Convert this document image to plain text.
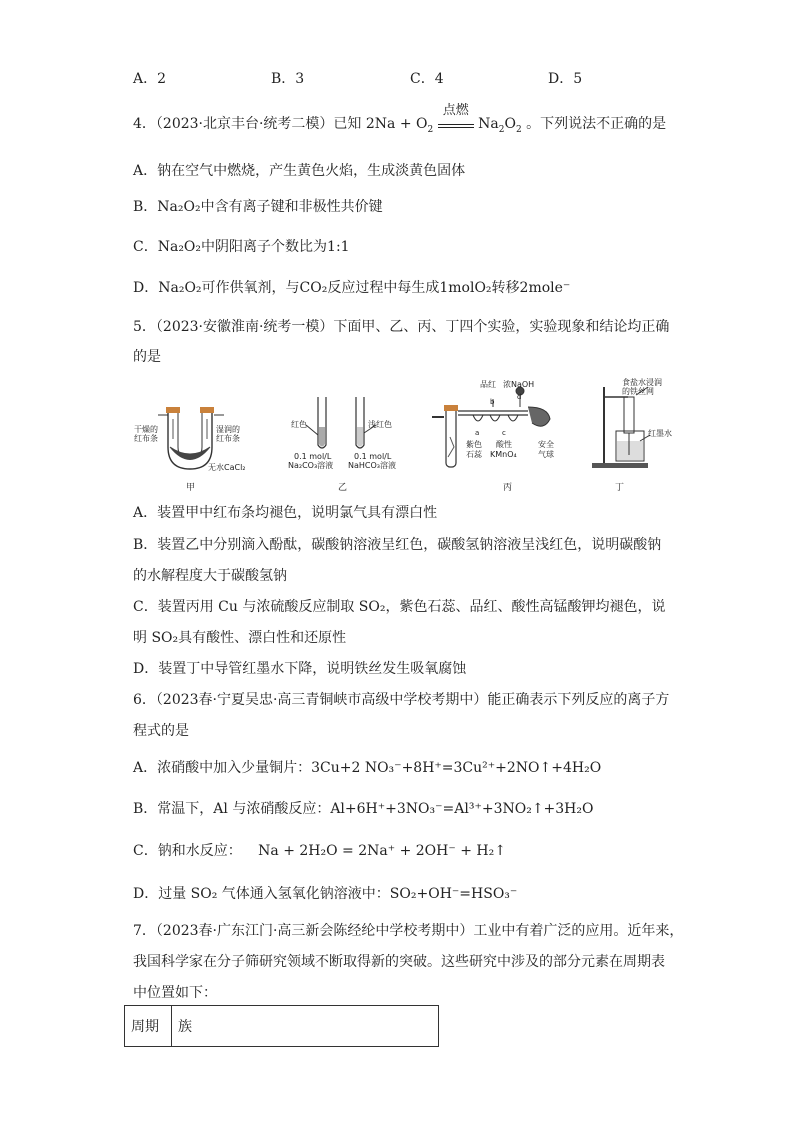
A．2	B．3	C．4	D．5
4．（2023·北京丰台·统考二模）已知 $2Na + O_2$
点燃
$Na_2O_2$ 。下列说法不正确的是
A．钠在空气中燃烧，产生黄色火焰，生成淡黄色固体
B．Na₂O₂中含有离子键和非极性共价键
C．Na₂O₂中阴阳离子个数比为1:1
D．Na₂O₂可作供氧剂，与CO₂反应过程中每生成1molO₂转移2mole⁻
5．（2023·安徽淮南·统考一模）下面甲、乙、丙、丁四个实验，实验现象和结论均正确
的是
干燥的
红布条
湿润的
红布条
无水CaCl₂
甲
红色	浅红色
0.1 mol/L
Na₂CO₃溶液
0.1 mol/L
NaHCO₃溶液
乙
品红 浓NaOH
b
d
a	c
紫色
石蕊
酸性
KMnO₄
安全
气球
丙
食盐水浸润
的铁丝网
红墨水
丁
A．装置甲中红布条均褪色，说明氯气具有漂白性
B．装置乙中分别滴入酚酞，碳酸钠溶液呈红色，碳酸氢钠溶液呈浅红色，说明碳酸钠
的水解程度大于碳酸氢钠
C．装置丙用 Cu 与浓硫酸反应制取 SO₂，紫色石蕊、品红、酸性高锰酸钾均褪色，说
明 SO₂具有酸性、漂白性和还原性
D．装置丁中导管红墨水下降，说明铁丝发生吸氧腐蚀
6．（2023春·宁夏吴忠·高三青铜峡市高级中学校考期中）能正确表示下列反应的离子方
程式的是
A．浓硝酸中加入少量铜片：3Cu+2 NO₃⁻+8H⁺=3Cu²⁺+2NO↑+4H₂O
B．常温下，Al 与浓硝酸反应：Al+6H⁺+3NO₃⁻=Al³⁺+3NO₂↑+3H₂O
C．钠和水反应： Na + 2H₂O = 2Na⁺ + 2OH⁻ + H₂↑
D．过量 SO₂ 气体通入氢氧化钠溶液中：SO₂+OH⁻=HSO₃⁻
7．（2023春·广东江门·高三新会陈经纶中学校考期中）工业中有着广泛的应用。近年来，
我国科学家在分子筛研究领域不断取得新的突破。这些研究中涉及的部分元素在周期表
中位置如下：
周期	族
